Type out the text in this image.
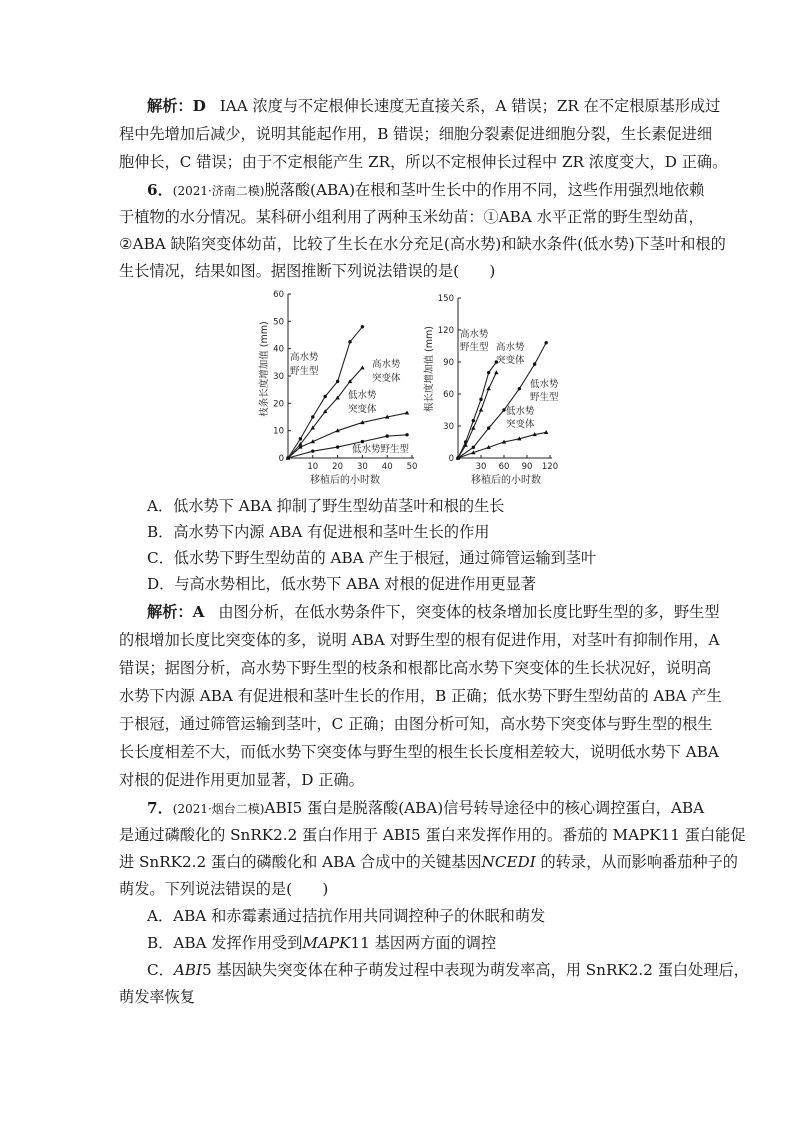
解析：D IAA 浓度与不定根伸长速度无直接关系，A 错误；ZR 在不定根原基形成过
程中先增加后减少，说明其能起作用，B 错误；细胞分裂素促进细胞分裂，生长素促进细
胞伸长，C 错误；由于不定根能产生 ZR，所以不定根伸长过程中 ZR 浓度变大，D 正确。
6．(2021·济南二模)脱落酸(ABA)在根和茎叶生长中的作用不同，这些作用强烈地依赖
于植物的水分情况。某科研小组利用了两种玉米幼苗：①ABA 水平正常的野生型幼苗，
②ABA 缺陷突变体幼苗，比较了生长在水分充足(高水势)和缺水条件(低水势)下茎叶和根的
生长情况，结果如图。据图推断下列说法错误的是(　　)
0
10
20
30
40
50
60
10 20 30 40 50
高水势
野生型
高水势
突变体
低水势
突变体
低水势野生型
枝条长度增加值 (mm)
移植后的小时数
0
30
60
90
120
150
30 60 90 120
高水势
野生型 高水势
突变体
低水势
野生型
低水势
突变体
根长度增加值 (mm)
移植后的小时数
A．低水势下 ABA 抑制了野生型幼苗茎叶和根的生长
B．高水势下内源 ABA 有促进根和茎叶生长的作用
C．低水势下野生型幼苗的 ABA 产生于根冠，通过筛管运输到茎叶
D．与高水势相比，低水势下 ABA 对根的促进作用更显著
解析：A 由图分析，在低水势条件下，突变体的枝条增加长度比野生型的多，野生型
的根增加长度比突变体的多，说明 ABA 对野生型的根有促进作用，对茎叶有抑制作用，A
错误；据图分析，高水势下野生型的枝条和根都比高水势下突变体的生长状况好，说明高
水势下内源 ABA 有促进根和茎叶生长的作用，B 正确；低水势下野生型幼苗的 ABA 产生
于根冠，通过筛管运输到茎叶，C 正确；由图分析可知，高水势下突变体与野生型的根生
长长度相差不大，而低水势下突变体与野生型的根生长长度相差较大，说明低水势下 ABA
对根的促进作用更加显著，D 正确。
7．(2021·烟台二模)ABI5 蛋白是脱落酸(ABA)信号转导途径中的核心调控蛋白，ABA
是通过磷酸化的 SnRK2.2 蛋白作用于 ABI5 蛋白来发挥作用的。番茄的 MAPK11 蛋白能促
进 SnRK2.2 蛋白的磷酸化和 ABA 合成中的关键基因NCEDI 的转录，从而影响番茄种子的
萌发。下列说法错误的是(　　)
A．ABA 和赤霉素通过拮抗作用共同调控种子的休眠和萌发
B．ABA 发挥作用受到MAPK11 基因两方面的调控
C．ABI5 基因缺失突变体在种子萌发过程中表现为萌发率高，用 SnRK2.2 蛋白处理后，
萌发率恢复
